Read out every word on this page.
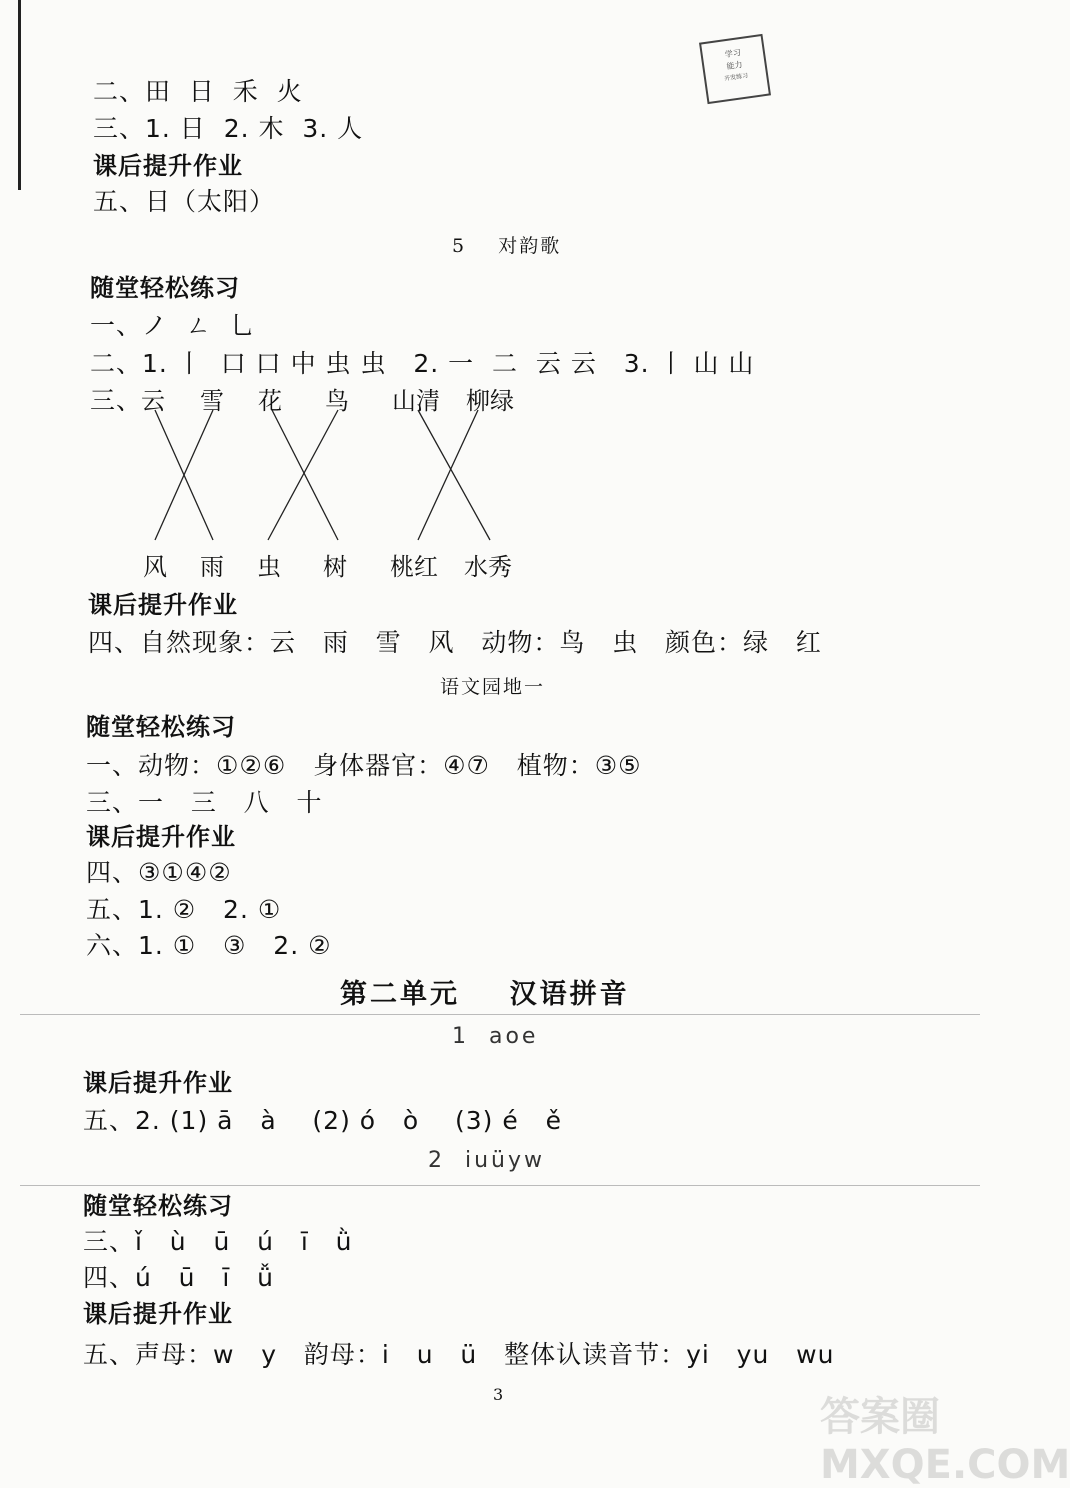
学习
能力
开发练习
二、田  日  禾  火
三、1. 日  2. 木  3. 人
课后提升作业
五、日（太阳）
5    对韵歌
随堂轻松练习
一、ノ  ㄥ  乚
二、1. 丨  口 口 中 虫 虫   2. 一  二  云 云   3. 丨 山 山
三、
云 雪 花 鸟 山清 柳绿
风 雨 虫 树 桃红 水秀
课后提升作业
四、自然现象：云   雨   雪   风   动物：鸟   虫   颜色：绿   红
语文园地一
随堂轻松练习
一、动物：①②⑥   身体器官：④⑦   植物：③⑤
三、一   三   八   十
课后提升作业
四、③①④②
五、1. ②   2. ①
六、1. ①   ③   2. ②
第二单元    汉语拼音
1  aoe
课后提升作业
五、2. (1) ā   à    (2) ó   ò    (3) é   ě
2  iuüyw
随堂轻松练习
三、ǐ   ù   ū   ú   ī   ǜ
四、ú   ū   ī   ǚ
课后提升作业
五、声母：w   y   韵母：i   u   ü   整体认读音节：yi   yu   wu
3	答案圈 MXQE.COM
